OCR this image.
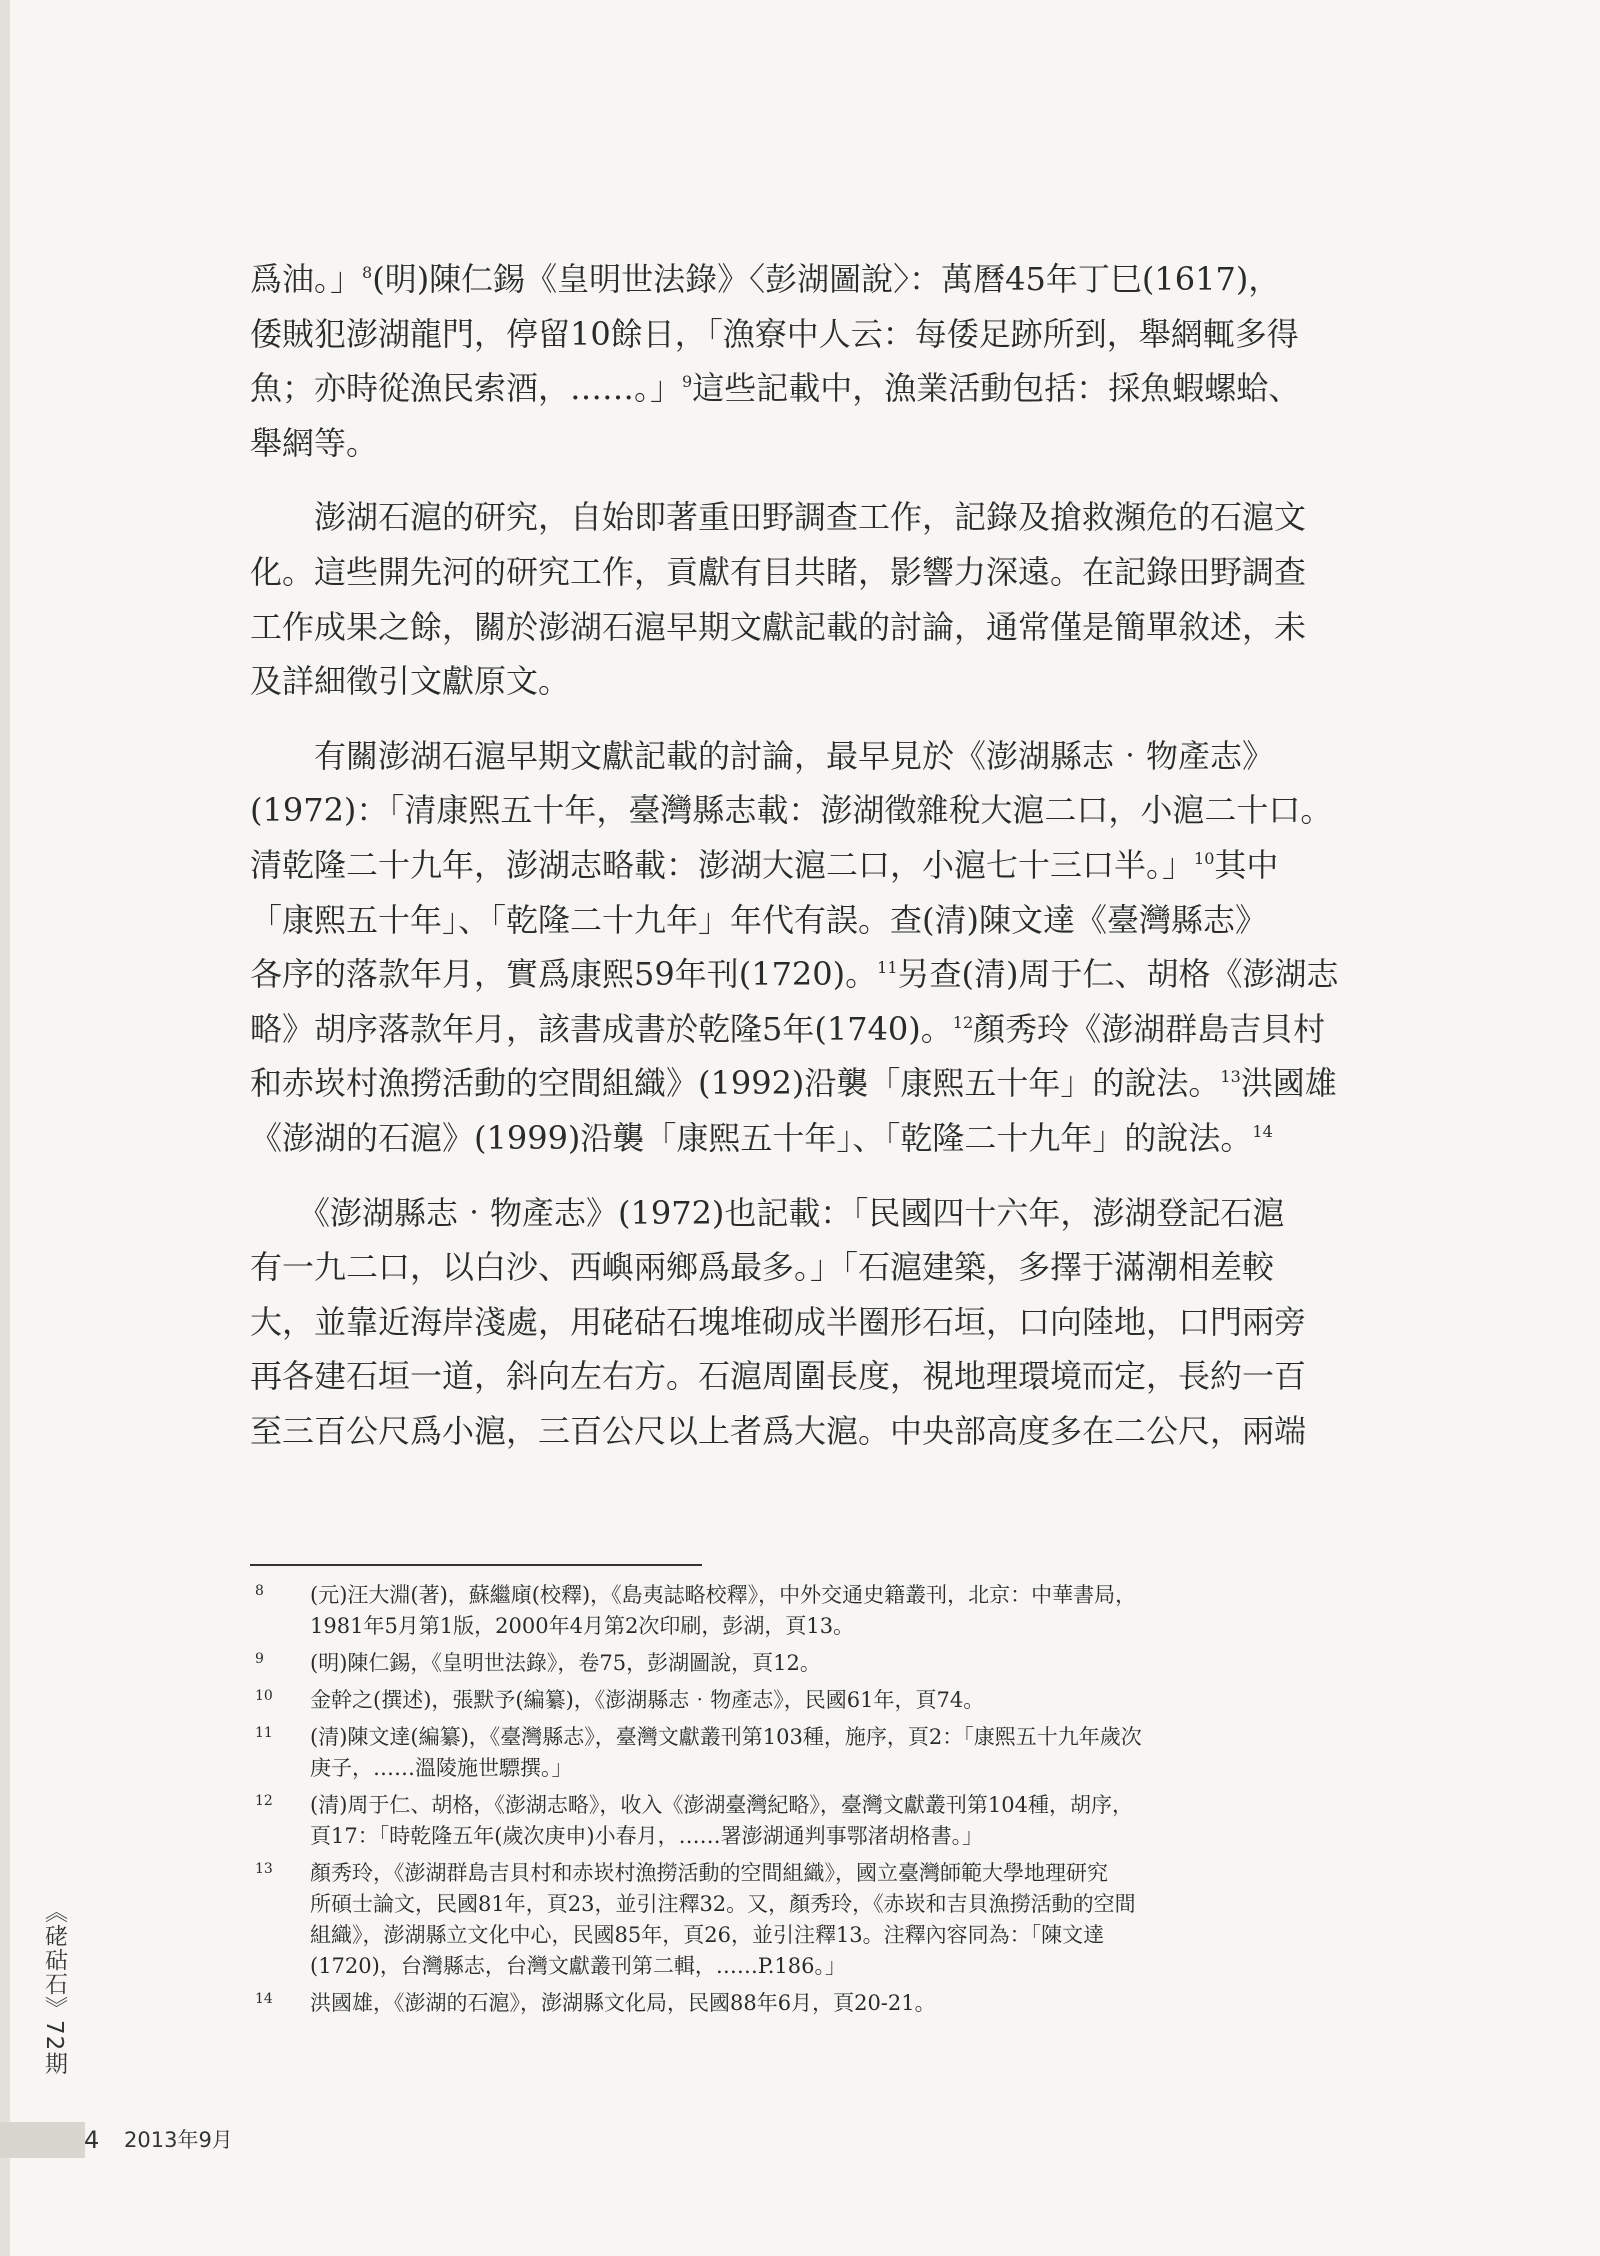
爲油。」$^8$(明)陳仁錫《皇明世法錄》〈彭湖圖說〉：萬曆45年丁巳(1617)，
倭賊犯澎湖龍門，停留10餘日，「漁寮中人云：每倭足跡所到，舉網輒多得
魚；亦時從漁民索酒，……。」$^9$這些記載中，漁業活動包括：採魚蝦螺蛤、
舉網等。
　　澎湖石滬的研究，自始即著重田野調查工作，記錄及搶救瀕危的石滬文
化。這些開先河的研究工作，貢獻有目共睹，影響力深遠。在記錄田野調查
工作成果之餘，關於澎湖石滬早期文獻記載的討論，通常僅是簡單敘述，未
及詳細徵引文獻原文。
　　有關澎湖石滬早期文獻記載的討論，最早見於《澎湖縣志‧物產志》
(1972)：「清康熙五十年，臺灣縣志載：澎湖徵雜稅大滬二口，小滬二十口。
清乾隆二十九年，澎湖志略載：澎湖大滬二口，小滬七十三口半。」$^{10}$其中
「康熙五十年」、「乾隆二十九年」年代有誤。查(清)陳文達《臺灣縣志》
各序的落款年月，實爲康熙59年刊(1720)。$^{11}$另查(清)周于仁、胡格《澎湖志
略》胡序落款年月，該書成書於乾隆5年(1740)。$^{12}$顏秀玲《澎湖群島吉貝村
和赤崁村漁撈活動的空間組織》(1992)沿襲「康熙五十年」的說法。$^{13}$洪國雄
《澎湖的石滬》(1999)沿襲「康熙五十年」、「乾隆二十九年」的說法。$^{14}$
　　《澎湖縣志‧物產志》(1972)也記載：「民國四十六年，澎湖登記石滬
有一九二口，以白沙、西嶼兩鄉爲最多。」「石滬建築，多擇于滿潮相差較
大，並靠近海岸淺處，用硓𥑮石塊堆砌成半圈形石垣，口向陸地，口門兩旁
再各建石垣一道，斜向左右方。石滬周圍長度，視地理環境而定，長約一百
至三百公尺爲小滬，三百公尺以上者爲大滬。中央部高度多在二公尺，兩端
8 (元)汪大淵(著)，蘇繼廎(校釋)，《島夷誌略校釋》，中外交通史籍叢刊，北京：中華書局，
1981年5月第1版，2000年4月第2次印刷，彭湖，頁13。
9 (明)陳仁錫，《皇明世法錄》，卷75，彭湖圖說，頁12。
10 金幹之(撰述)，張默予(編纂)，《澎湖縣志‧物產志》，民國61年，頁74。
11 (清)陳文達(編纂)，《臺灣縣志》，臺灣文獻叢刊第103種，施序，頁2：「康熙五十九年歲次
庚子，……溫陵施世驃撰。」
12 (清)周于仁、胡格，《澎湖志略》，收入《澎湖臺灣紀略》，臺灣文獻叢刊第104種，胡序，
頁17：「時乾隆五年(歲次庚申)小春月，……署澎湖通判事鄂渚胡格書。」
13 顏秀玲，《澎湖群島吉貝村和赤崁村漁撈活動的空間組織》，國立臺灣師範大學地理研究
所碩士論文，民國81年，頁23，並引注釋32。又，顏秀玲，《赤崁和吉貝漁撈活動的空間
組織》，澎湖縣立文化中心，民國85年，頁26，並引注釋13。注釋內容同為：「陳文達
(1720)，台灣縣志，台灣文獻叢刊第二輯，……P.186。」
14 洪國雄，《澎湖的石滬》，澎湖縣文化局，民國88年6月，頁20-21。
《硓𥑮石》72期
4 2013年9月
